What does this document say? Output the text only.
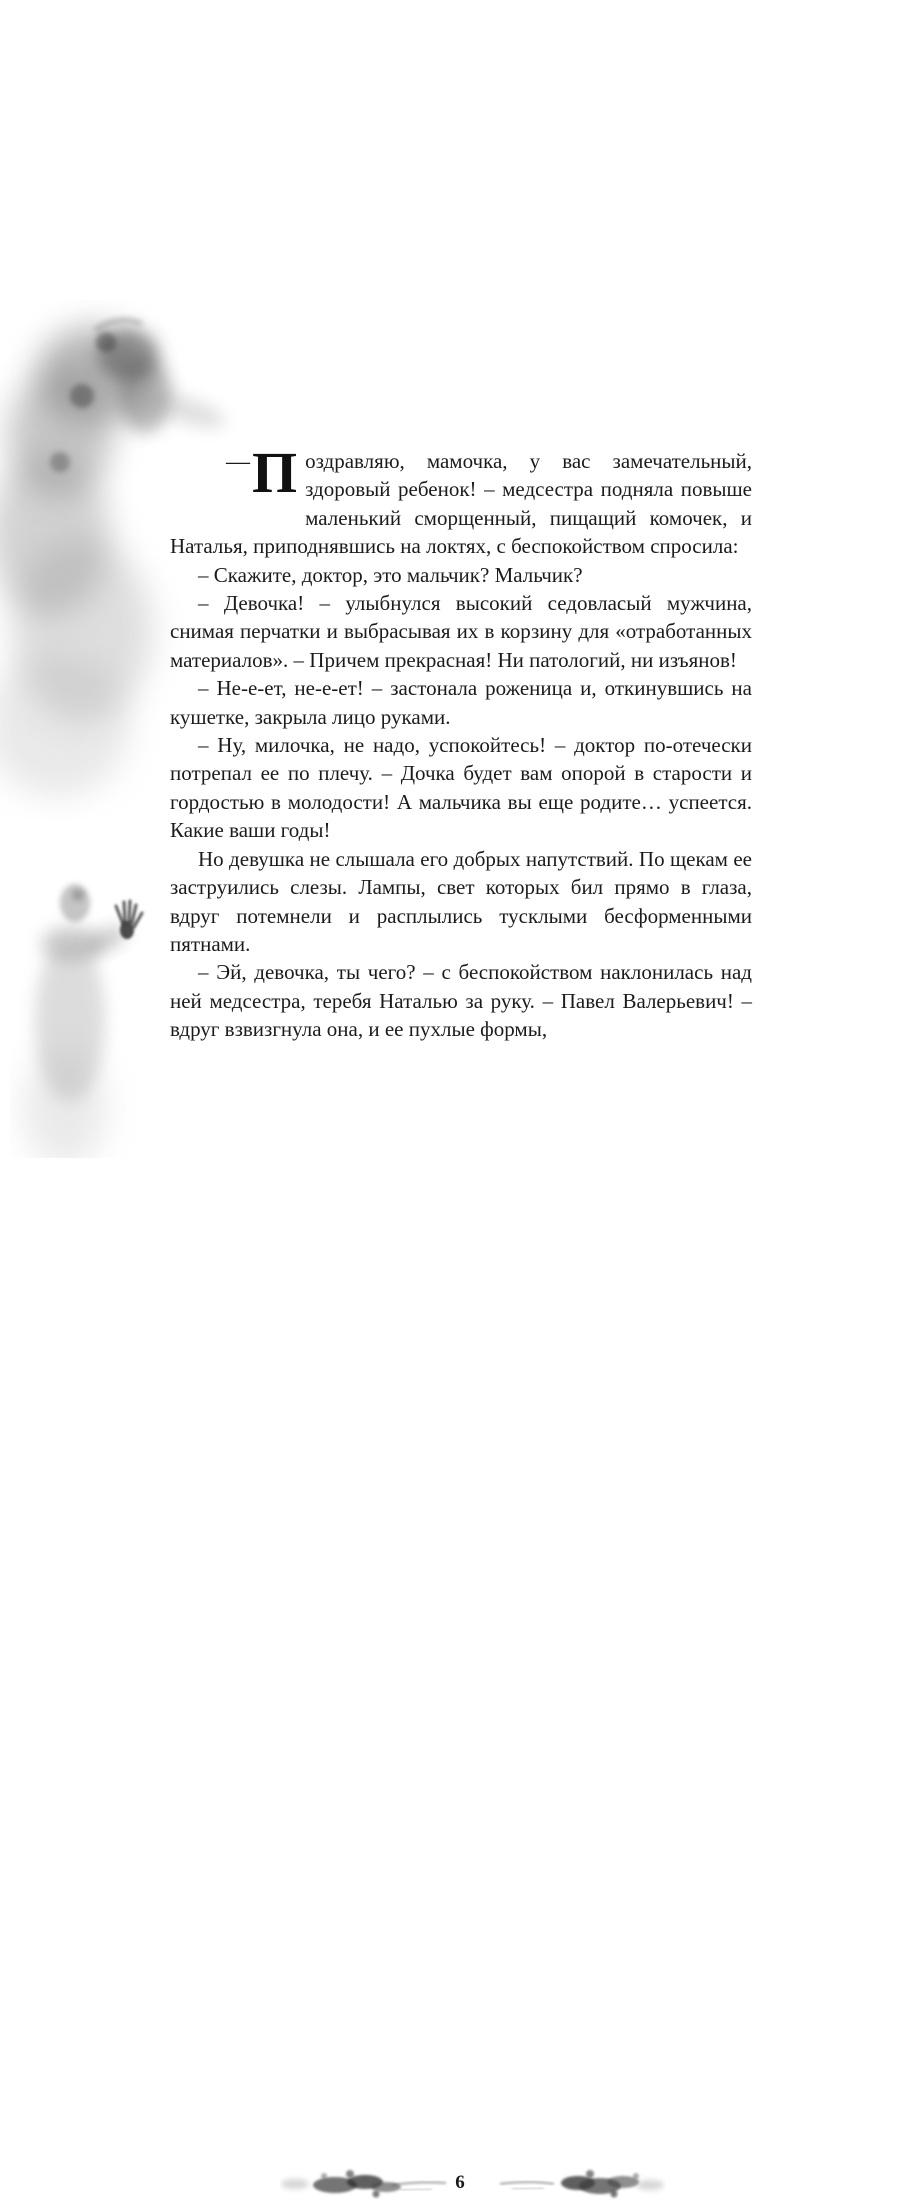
—П оздравляю, мамочка, у вас замечательный, здоровый ребенок! – медсестра подняла повыше маленький сморщенный, пищащий комочек, и Наталья, приподнявшись на локтях, с беспокойством спросила:

– Скажите, доктор, это мальчик? Мальчик?

– Девочка! – улыбнулся высокий седовласый мужчина, снимая перчатки и выбрасывая их в корзину для «отработанных материалов». – Причем прекрасная! Ни патологий, ни изъянов!

– Не-е-ет, не-е-ет! – застонала роженица и, откинувшись на кушетке, закрыла лицо руками.

– Ну, милочка, не надо, успокойтесь! – доктор по-отечески потрепал ее по плечу. – Дочка будет вам опорой в старости и гордостью в молодости! А мальчика вы еще родите… успеется. Какие ваши годы!

Но девушка не слышала его добрых напутствий. По щекам ее заструились слезы. Лампы, свет которых бил прямо в глаза, вдруг потемнели и расплылись тусклыми бесформенными пятнами.

– Эй, девочка, ты чего? – с беспокойством наклонилась над ней медсестра, теребя Наталью за руку. – Павел Валерьевич! – вдруг взвизгнула она, и ее пухлые формы,

6
